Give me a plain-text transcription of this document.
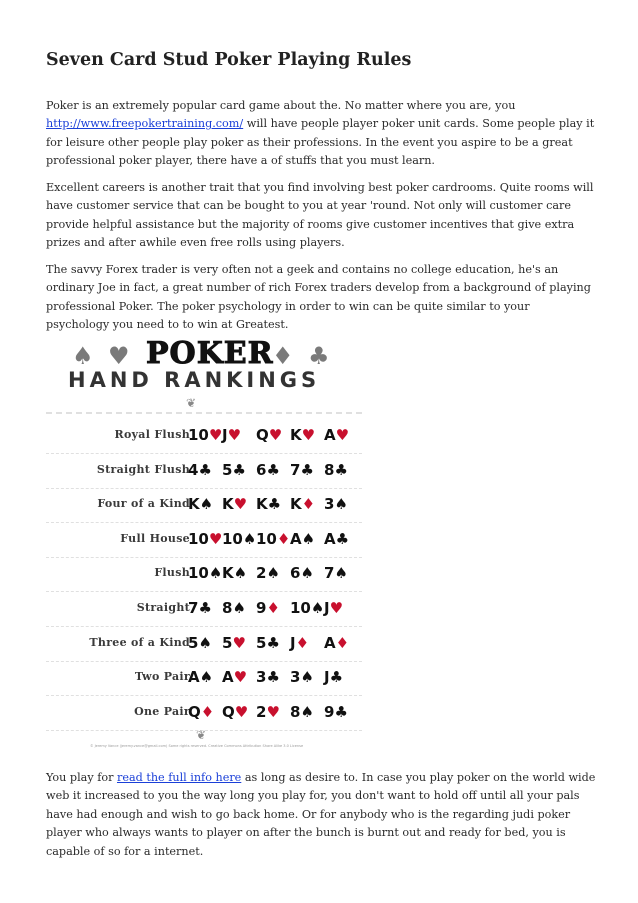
Seven Card Stud Poker Playing Rules

Poker is an extremely popular card game about the. No matter where you are, you http://www.freepokertraining.com/ will have people player poker unit cards. Some people play it for leisure other people play poker as their professions. In the event you aspire to be a great professional poker player, there have a of stuffs that you must learn.

Excellent careers is another trait that you find involving best poker cardrooms. Quite rooms will have customer service that can be bought to you at year 'round. Not only will customer care provide helpful assistance but the majority of rooms give customer incentives that give extra prizes and after awhile even free rolls using players.

The savvy Forex trader is very often not a geek and contains no college education, he's an ordinary Joe in fact, a great number of rich Forex traders develop from a background of playing professional Poker. The poker psychology in order to win can be quite similar to your psychology you need to to win at Greatest.

You play for read the full info here as long as desire to. In case you play poker on the world wide web it increased to you the way long you play for, you don't want to hold off until all your pals have had enough and wish to go back home. Or for anybody who is the regarding judi poker player who always wants to player on after the bunch is burnt out and ready for bed, you is capable of so for a internet.

♠ ♥ POKER
♦ ♣
HAND RANKINGS
❦
Royal Flush
10♥ J♥ Q♥ K♥ A♥
Straight Flush
4♣ 5♣ 6♣ 7♣ 8♣
Four of a Kind
K♠ K♥ K♣ K♦ 3♠
Full House
10♥ 10♠ 10♦ A♠ A♣
Flush
10♠ K♠ 2♠ 6♠ 7♠
Straight
7♣ 8♠ 9♦ 10♠ J♥
Three of a Kind
5♠ 5♥ 5♣ J♦ A♦
Two Pair
A♠ A♥ 3♣ 3♠ J♣
One Pair
Q♦ Q♥ 2♥ 8♠ 9♣
❦
© Jeremy Vance (jeremy.vance@gmail.com) Some rights reserved. Creative Commons Attribution Share Alike 3.0 License
